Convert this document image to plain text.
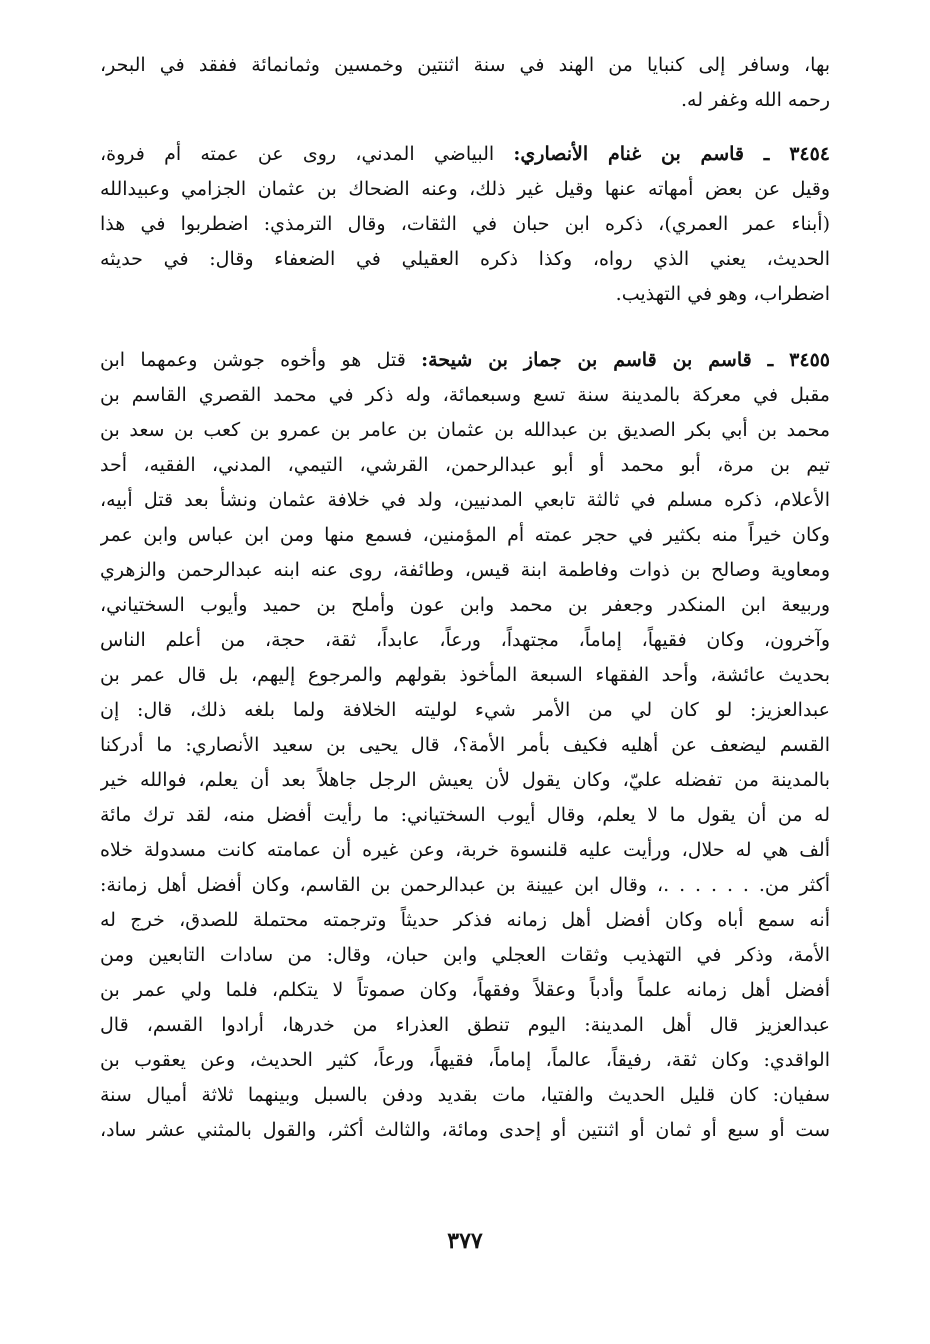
بها، وسافر إلى كنبايا من الهند في سنة اثنتين وخمسين وثمانمائة ففقد في البحر،
رحمه الله وغفر له.
٣٤٥٤ ـ قاسم بن غنام الأنصاري: البياضي المدني، روى عن عمته أم فروة،
وقيل عن بعض أمهاته عنها وقيل غير ذلك، وعنه الضحاك بن عثمان الجزامي وعبيدالله
(أبناء عمر العمري)، ذكره ابن حبان في الثقات، وقال الترمذي: اضطربوا في هذا
الحديث، يعني الذي رواه، وكذا ذكره العقيلي في الضعفاء وقال: في حديثه
اضطراب، وهو في التهذيب.
٣٤٥٥ ـ قاسم بن قاسم بن جماز بن شيحة: قتل هو وأخوه جوشن وعمهما ابن
مقبل في معركة بالمدينة سنة تسع وسبعمائة، وله ذكر في محمد القصري القاسم بن
محمد بن أبي بكر الصديق بن عبدالله بن عثمان بن عامر بن عمرو بن كعب بن سعد بن
تيم بن مرة، أبو محمد أو أبو عبدالرحمن، القرشي، التيمي، المدني، الفقيه، أحد
الأعلام، ذكره مسلم في ثالثة تابعي المدنيين، ولد في خلافة عثمان ونشأ بعد قتل أبيه،
وكان خيراً منه بكثير في حجر عمته أم المؤمنين، فسمع منها ومن ابن عباس وابن عمر
ومعاوية وصالح بن ذوات وفاطمة ابنة قيس، وطائفة، روى عنه ابنه عبدالرحمن والزهري
وربيعة ابن المنكدر وجعفر بن محمد وابن عون وأملح بن حميد وأيوب السختياني،
وآخرون، وكان فقيهاً، إماماً، مجتهداً، ورعاً، عابداً، ثقة، حجة، من أعلم الناس
بحديث عائشة، وأحد الفقهاء السبعة المأخوذ بقولهم والمرجوع إليهم، بل قال عمر بن
عبدالعزيز: لو كان لي من الأمر شيء لوليته الخلافة ولما بلغه ذلك، قال: إن
القسم ليضعف عن أهليه فكيف بأمر الأمة؟، قال يحيى بن سعيد الأنصاري: ما أدركنا
بالمدينة من تفضله عليّ، وكان يقول لأن يعيش الرجل جاهلاً بعد أن يعلم، فوالله خير
له من أن يقول ما لا يعلم، وقال أيوب السختياني: ما رأيت أفضل منه، لقد ترك مائة
ألف هي له حلال، ورأيت عليه قلنسوة خربة، وعن غيره أن عمامته كانت مسدولة خلاه
أكثر من. . . . . . .، وقال ابن عيينة بن عبدالرحمن بن القاسم، وكان أفضل أهل زمانة:
أنه سمع أباه وكان أفضل أهل زمانه فذكر حديثاً وترجمته محتملة للصدق، خرج له
الأمة، وذكر في التهذيب وثقات العجلي وابن حبان، وقال: من سادات التابعين ومن
أفضل أهل زمانه علماً وأدباً وعقلاً وفقهاً، وكان صموتاً لا يتكلم، فلما ولي عمر بن
عبدالعزيز قال أهل المدينة: اليوم تنطق العذراء من خدرها، أرادوا القسم، قال
الواقدي: وكان ثقة، رفيقاً، عالماً، إماماً، فقيهاً، ورعاً، كثير الحديث، وعن يعقوب بن
سفيان: كان قليل الحديث والفتيا، مات بقديد ودفن بالسبل وبينهما ثلاثة أميال سنة
ست أو سبع أو ثمان أو اثنتين أو إحدى ومائة، والثالث أكثر، والقول بالمثني عشر ساد،
٣٧٧
